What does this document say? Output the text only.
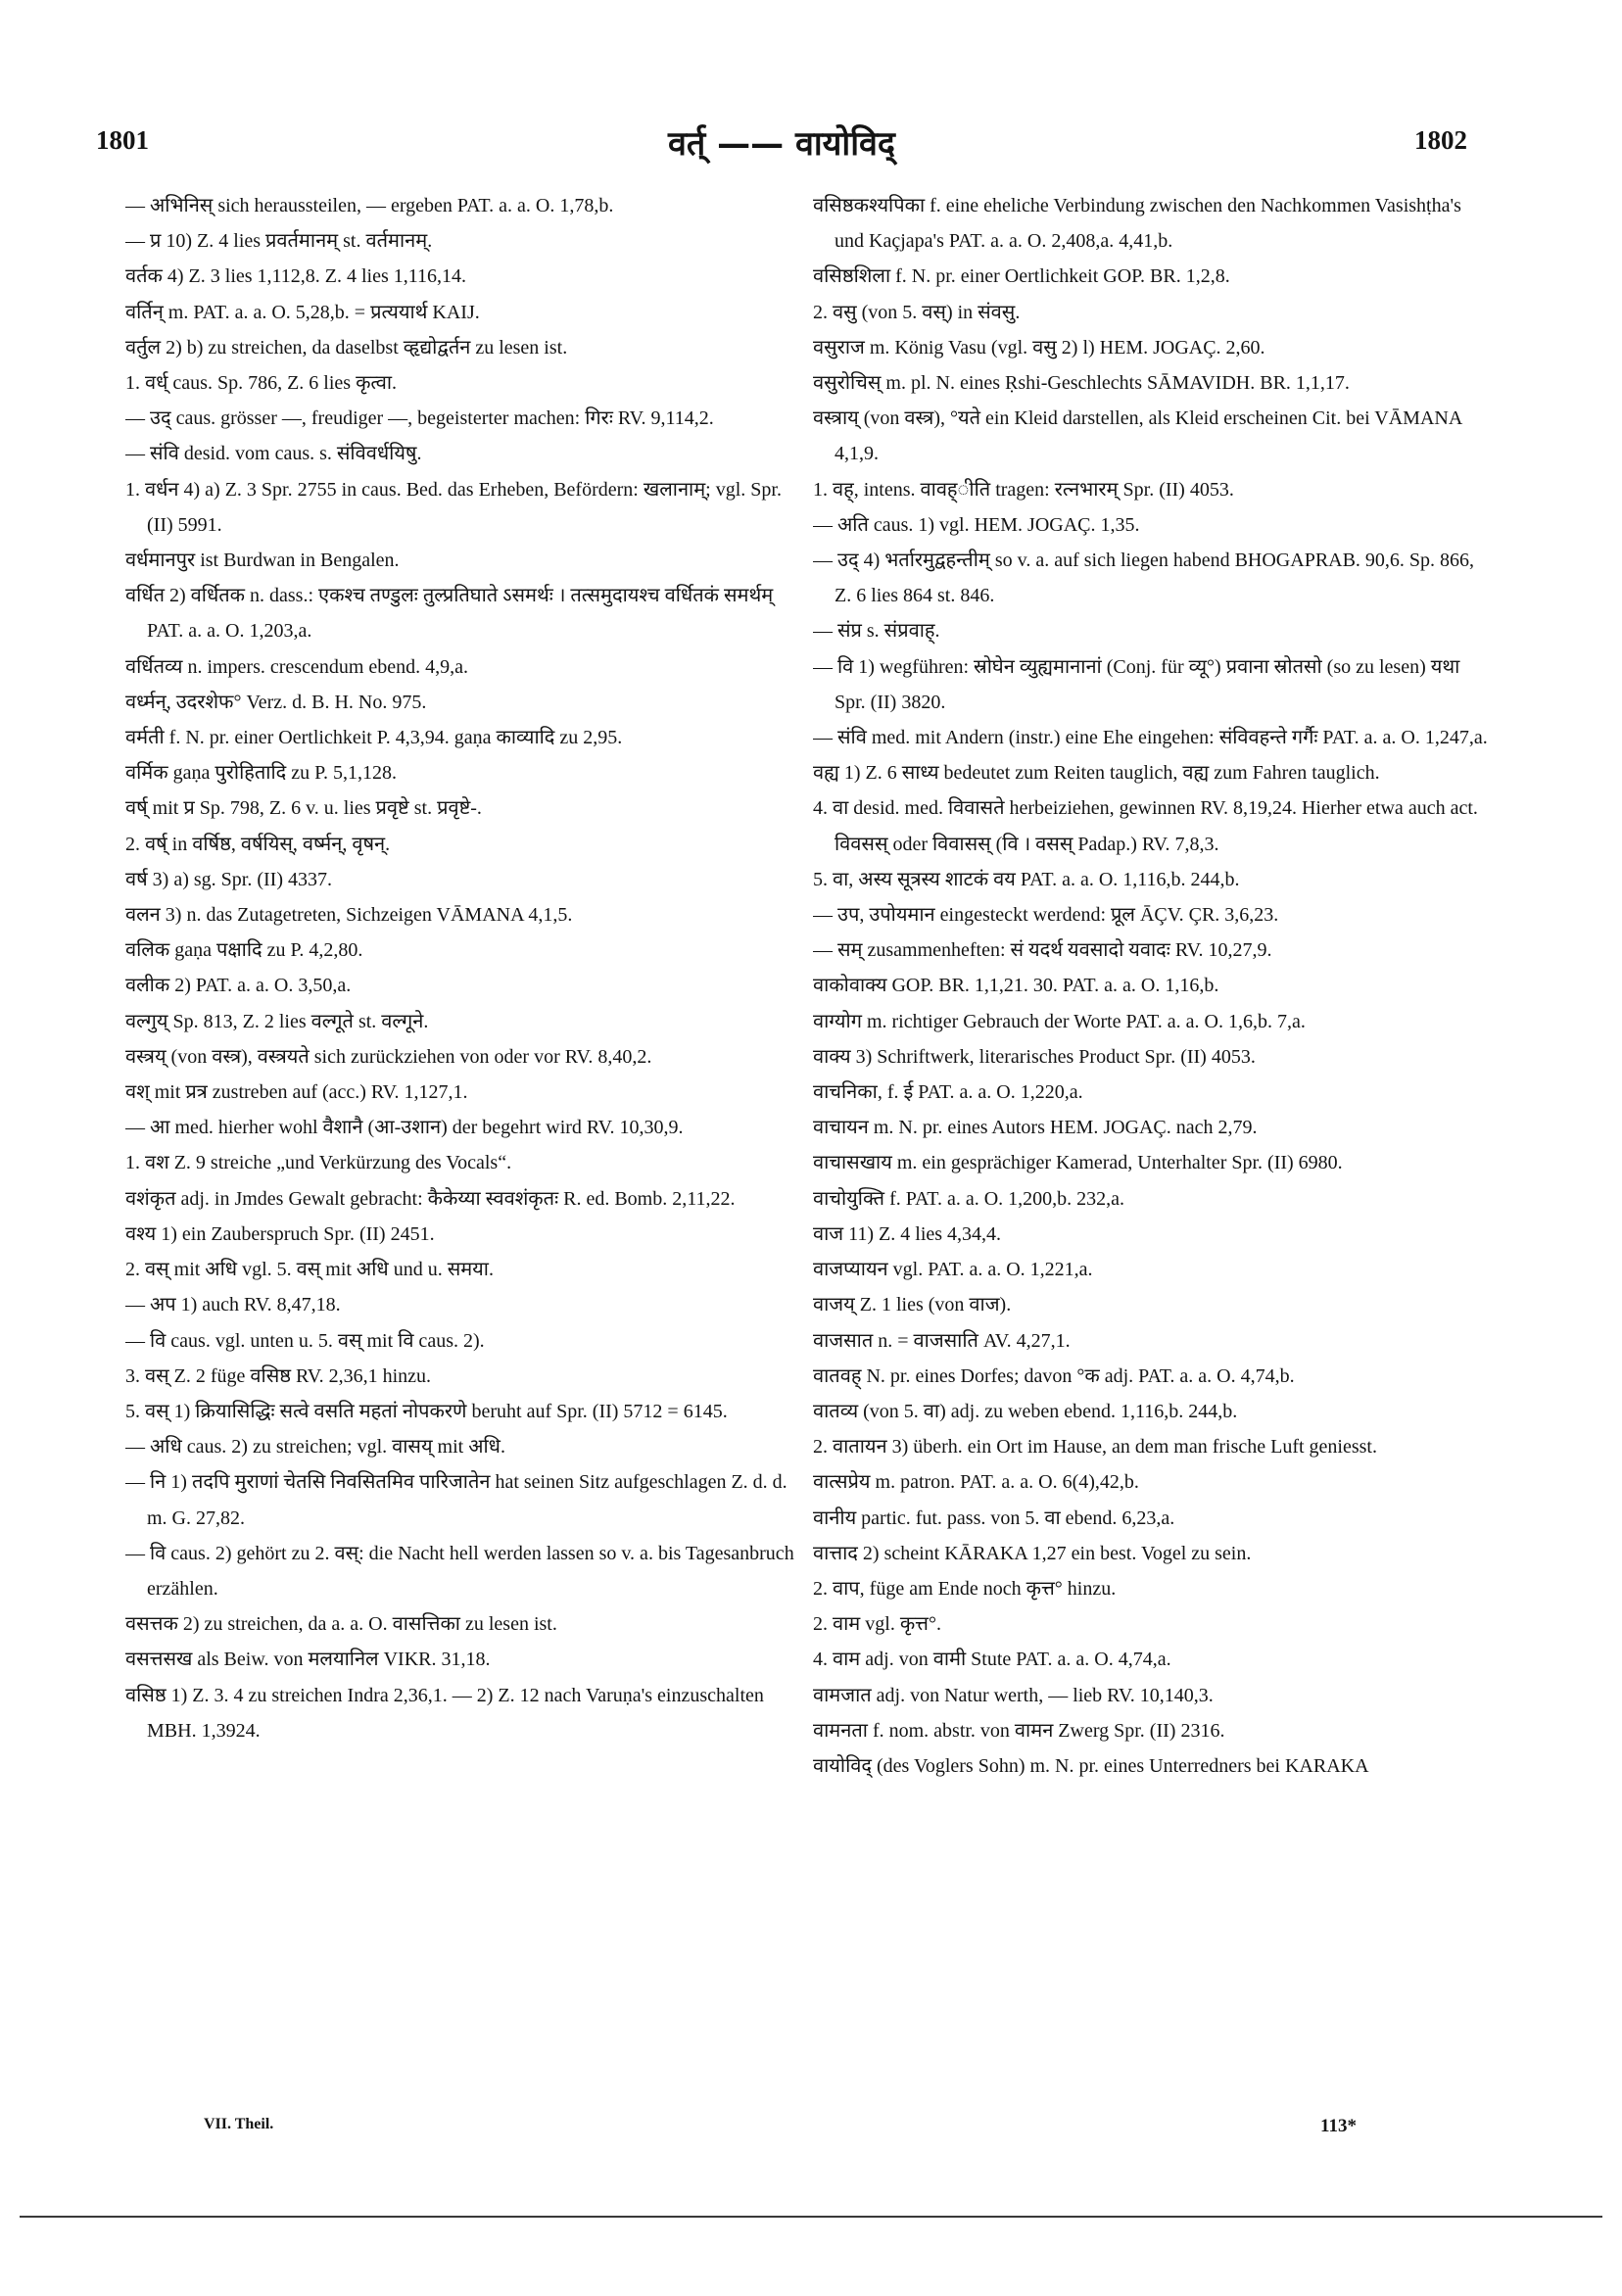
1801	वर्त् —— वायोविद्	1802

— अभिनिस् sich heraussteilen, — ergeben PAT. a. a. O. 1,78,b.

— प्र 10) Z. 4 lies प्रवर्तमानम् st. वर्तमानम्.

वर्तक 4) Z. 3 lies 1,112,8. Z. 4 lies 1,116,14.

वर्तिन् m. PAT. a. a. O. 5,28,b. = प्रत्ययार्थ KAIJ.

वर्तुल 2) b) zu streichen, da daselbst व्हृद्योद्वर्तन zu lesen ist.

1. वर्ध् caus. Sp. 786, Z. 6 lies कृत्वा.

— उद् caus. grösser —, freudiger —, begeisterter machen: गिरः RV. 9,114,2.

— संवि desid. vom caus. s. संविवर्धयिषु.

1. वर्धन 4) a) Z. 3 Spr. 2755 in caus. Bed. das Erheben, Befördern: खलानाम्; vgl. Spr. (II) 5991.

वर्धमानपुर ist Burdwan in Bengalen.

वर्धित 2) वर्धितक n. dass.: एकश्च तण्डुलः तुल्प्रतिघाते ऽसमर्थः । तत्समुदायश्च वर्धितकं समर्थम् PAT. a. a. O. 1,203,a.

वर्धितव्य n. impers. crescendum ebend. 4,9,a.

वर्ध्मन्, उदरशेफ° Verz. d. B. H. No. 975.

वर्मती f. N. pr. einer Oertlichkeit P. 4,3,94. gaṇa काव्यादि zu 2,95.

वर्मिक gaṇa पुरोहितादि zu P. 5,1,128.

वर्ष् mit प्र Sp. 798, Z. 6 v. u. lies प्रवृष्टे st. प्रवृष्टे-.

2. वर्ष् in वर्षिष्ठ, वर्षयिस्, वर्ष्मन्, वृषन्.

वर्ष 3) a) sg. Spr. (II) 4337.

वलन 3) n. das Zutagetreten, Sichzeigen VĀMANA 4,1,5.

वलिक gaṇa पक्षादि zu P. 4,2,80.

वलीक 2) PAT. a. a. O. 3,50,a.

वल्गुय् Sp. 813, Z. 2 lies वल्गूते st. वल्गूने.

वस्त्रय् (von वस्त्र), वस्त्रयते sich zurückziehen von oder vor RV. 8,40,2.

वश् mit प्रत्र zustreben auf (acc.) RV. 1,127,1.

— आ med. hierher wohl वैशानै (आ-उशान) der begehrt wird RV. 10,30,9.

1. वश Z. 9 streiche „und Verkürzung des Vocals“.

वशंकृत adj. in Jmdes Gewalt gebracht: कैकेय्या स्ववशंकृतः R. ed. Bomb. 2,11,22.

वश्य 1) ein Zauberspruch Spr. (II) 2451.

2. वस् mit अधि vgl. 5. वस् mit अधि und u. समया.

— अप 1) auch RV. 8,47,18.

— वि caus. vgl. unten u. 5. वस् mit वि caus. 2).

3. वस् Z. 2 füge वसिष्ठ RV. 2,36,1 hinzu.

5. वस् 1) क्रियासिद्धिः सत्वे वसति महतां नोपकरणे beruht auf Spr. (II) 5712 = 6145.

— अधि caus. 2) zu streichen; vgl. वासय् mit अधि.

— नि 1) तदपि मुराणां चेतसि निवसितमिव पारिजातेन hat seinen Sitz aufgeschlagen Z. d. d. m. G. 27,82.

— वि caus. 2) gehört zu 2. वस्: die Nacht hell werden lassen so v. a. bis Tagesanbruch erzählen.

वसत्तक 2) zu streichen, da a. a. O. वासत्तिका zu lesen ist.

वसत्तसख als Beiw. von मलयानिल VIKR. 31,18.

वसिष्ठ 1) Z. 3. 4 zu streichen Indra 2,36,1. — 2) Z. 12 nach Varuṇa's einzuschalten MBH. 1,3924.

वसिष्ठकश्यपिका f. eine eheliche Verbindung zwischen den Nachkommen Vasishṭha's und Kaçjapa's PAT. a. a. O. 2,408,a. 4,41,b.

वसिष्ठशिला f. N. pr. einer Oertlichkeit GOP. BR. 1,2,8.

2. वसु (von 5. वस्) in संवसु.

वसुराज m. König Vasu (vgl. वसु 2) l) HEM. JOGAÇ. 2,60.

वसुरोचिस् m. pl. N. eines Ṛshi-Geschlechts SĀMAVIDH. BR. 1,1,17.

वस्त्राय् (von वस्त्र), °यते ein Kleid darstellen, als Kleid erscheinen Cit. bei VĀMANA 4,1,9.

1. वह्, intens. वावह्ीति tragen: रत्नभारम् Spr. (II) 4053.

— अति caus. 1) vgl. HEM. JOGAÇ. 1,35.

— उद् 4) भर्तारमुद्वहन्तीम् so v. a. auf sich liegen habend BHOGAPRAB. 90,6. Sp. 866, Z. 6 lies 864 st. 846.

— संप्र s. संप्रवाह्.

— वि 1) wegführen: स्रोघेन व्युह्यमानानां (Conj. für व्यू°) प्रवाना स्रोतसो (so zu lesen) यथा Spr. (II) 3820.

— संवि med. mit Andern (instr.) eine Ehe eingehen: संविवहन्ते गर्गैः PAT. a. a. O. 1,247,a.

वह्य 1) Z. 6 साध्य bedeutet zum Reiten tauglich, वह्य zum Fahren tauglich.

4. वा desid. med. विवासते herbeiziehen, gewinnen RV. 8,19,24. Hierher etwa auch act. विवसस् oder विवासस् (वि । वसस् Padap.) RV. 7,8,3.

5. वा, अस्य सूत्रस्य शाटकं वय PAT. a. a. O. 1,116,b. 244,b.

— उप, उपोयमान eingesteckt werdend: प्रूल ĀÇV. ÇR. 3,6,23.

— सम् zusammenheften: सं यदर्थ यवसादो यवादः RV. 10,27,9.

वाकोवाक्य GOP. BR. 1,1,21. 30. PAT. a. a. O. 1,16,b.

वाग्योग m. richtiger Gebrauch der Worte PAT. a. a. O. 1,6,b. 7,a.

वाक्य 3) Schriftwerk, literarisches Product Spr. (II) 4053.

वाचनिका, f. ई PAT. a. a. O. 1,220,a.

वाचायन m. N. pr. eines Autors HEM. JOGAÇ. nach 2,79.

वाचासखाय m. ein gesprächiger Kamerad, Unterhalter Spr. (II) 6980.

वाचोयुक्ति f. PAT. a. a. O. 1,200,b. 232,a.

वाज 11) Z. 4 lies 4,34,4.

वाजप्यायन vgl. PAT. a. a. O. 1,221,a.

वाजय् Z. 1 lies (von वाज).

वाजसात n. = वाजसाति AV. 4,27,1.

वातवह् N. pr. eines Dorfes; davon °क adj. PAT. a. a. O. 4,74,b.

वातव्य (von 5. वा) adj. zu weben ebend. 1,116,b. 244,b.

2. वातायन 3) überh. ein Ort im Hause, an dem man frische Luft geniesst.

वात्सप्रेय m. patron. PAT. a. a. O. 6(4),42,b.

वानीय partic. fut. pass. von 5. वा ebend. 6,23,a.

वात्ताद 2) scheint KĀRAKA 1,27 ein best. Vogel zu sein.

2. वाप, füge am Ende noch कृत्त° hinzu.

2. वाम vgl. कृत्त°.

4. वाम adj. von वामी Stute PAT. a. a. O. 4,74,a.

वामजात adj. von Natur werth, — lieb RV. 10,140,3.

वामनता f. nom. abstr. von वामन Zwerg Spr. (II) 2316.

वायोविद् (des Voglers Sohn) m. N. pr. eines Unterredners bei KARAKA

VII. Theil.	113*
